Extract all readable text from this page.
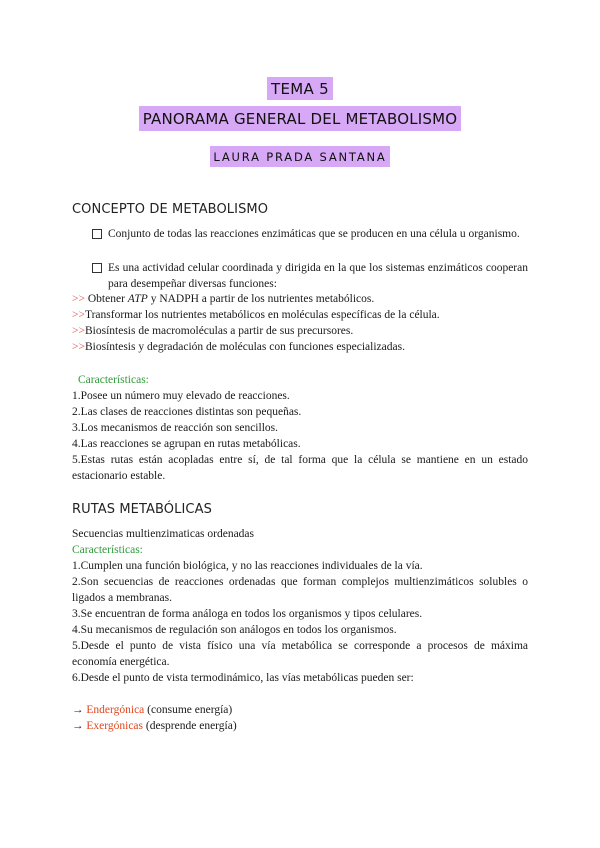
TEMA 5
PANORAMA GENERAL DEL METABOLISMO
LAURA PRADA SANTANA
CONCEPTO DE METABOLISMO
Conjunto de todas las reacciones enzimáticas que se producen en una célula u organismo.
Es una actividad celular coordinada y dirigida en la que los sistemas enzimáticos cooperan para desempeñar diversas funciones:
>> Obtener ATP y NADPH a partir de los nutrientes metabólicos.
>>Transformar los nutrientes metabólicos en moléculas específicas de la célula.
>>Biosíntesis de macromoléculas a partir de sus precursores.
>>Biosíntesis y degradación de moléculas con funciones especializadas.
Características:
1.Posee un número muy elevado de reacciones.
2.Las clases de reacciones distintas son pequeñas.
3.Los mecanismos de reacción son sencillos.
4.Las reacciones se agrupan en rutas metabólicas.
5.Estas rutas están acopladas entre sí, de tal forma que la célula se mantiene en un estado
estacionario estable.
RUTAS METABÓLICAS
Secuencias multienzimaticas ordenadas
Características:
1.Cumplen una función biológica, y no las reacciones individuales de la vía.
2.Son secuencias de reacciones ordenadas que forman complejos multienzimáticos solubles o
ligados a membranas.
3.Se encuentran de forma análoga en todos los organismos y tipos celulares.
4.Su mecanismos de regulación son análogos en todos los organismos.
5.Desde el punto de vista físico una vía metabólica se corresponde a procesos de máxima
economía energética.
6.Desde el punto de vista termodinámico, las vías metabólicas pueden ser:
→ Endergónica (consume energía)
→ Exergónicas (desprende energía)
